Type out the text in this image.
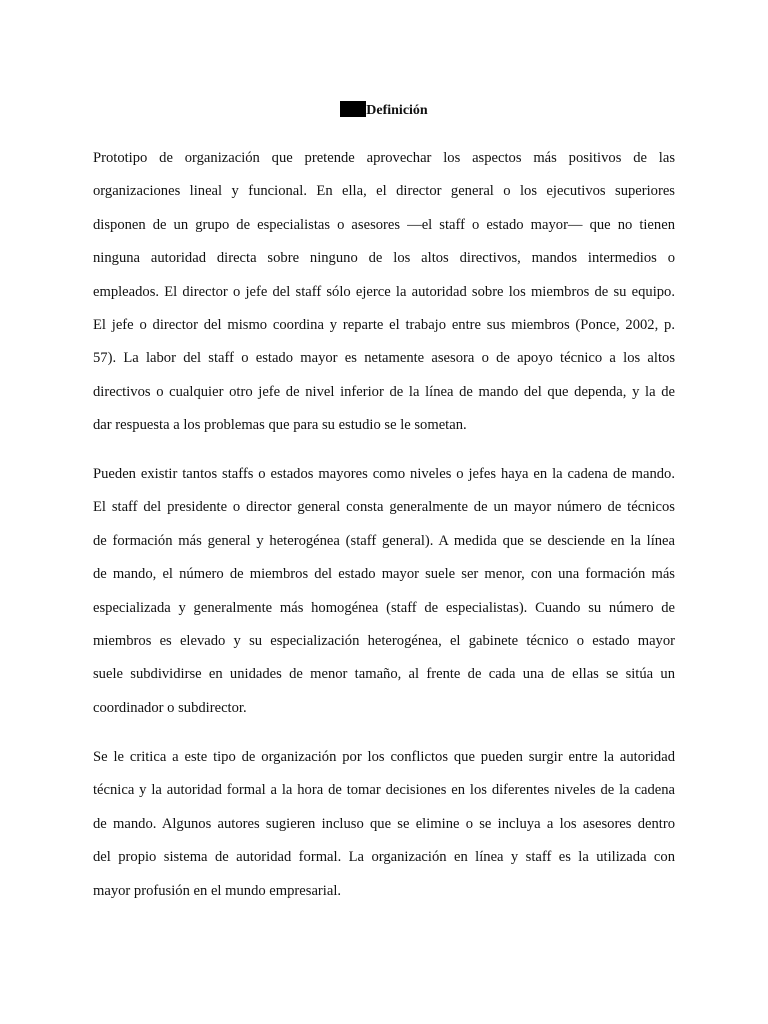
Definición
Prototipo de organización que pretende aprovechar los aspectos más positivos de las
organizaciones lineal y funcional. En ella, el director general o los ejecutivos superiores
disponen de un grupo de especialistas o asesores —el staff o estado mayor— que no tienen
ninguna autoridad directa sobre ninguno de los altos directivos, mandos intermedios o
empleados. El director o jefe del staff sólo ejerce la autoridad sobre los miembros de su equipo.
El jefe o director del mismo coordina y reparte el trabajo entre sus miembros (Ponce, 2002, p.
57). La labor del staff o estado mayor es netamente asesora o de apoyo técnico a los altos
directivos o cualquier otro jefe de nivel inferior de la línea de mando del que dependa, y la de
dar respuesta a los problemas que para su estudio se le sometan.
Pueden existir tantos staffs o estados mayores como niveles o jefes haya en la cadena de mando.
El staff del presidente o director general consta generalmente de un mayor número de técnicos
de formación más general y heterogénea (staff general). A medida que se desciende en la línea
de mando, el número de miembros del estado mayor suele ser menor, con una formación más
especializada y generalmente más homogénea (staff de especialistas). Cuando su número de
miembros es elevado y su especialización heterogénea, el gabinete técnico o estado mayor
suele subdividirse en unidades de menor tamaño, al frente de cada una de ellas se sitúa un
coordinador o subdirector.
Se le critica a este tipo de organización por los conflictos que pueden surgir entre la autoridad
técnica y la autoridad formal a la hora de tomar decisiones en los diferentes niveles de la cadena
de mando. Algunos autores sugieren incluso que se elimine o se incluya a los asesores dentro
del propio sistema de autoridad formal. La organización en línea y staff es la utilizada con
mayor profusión en el mundo empresarial.
